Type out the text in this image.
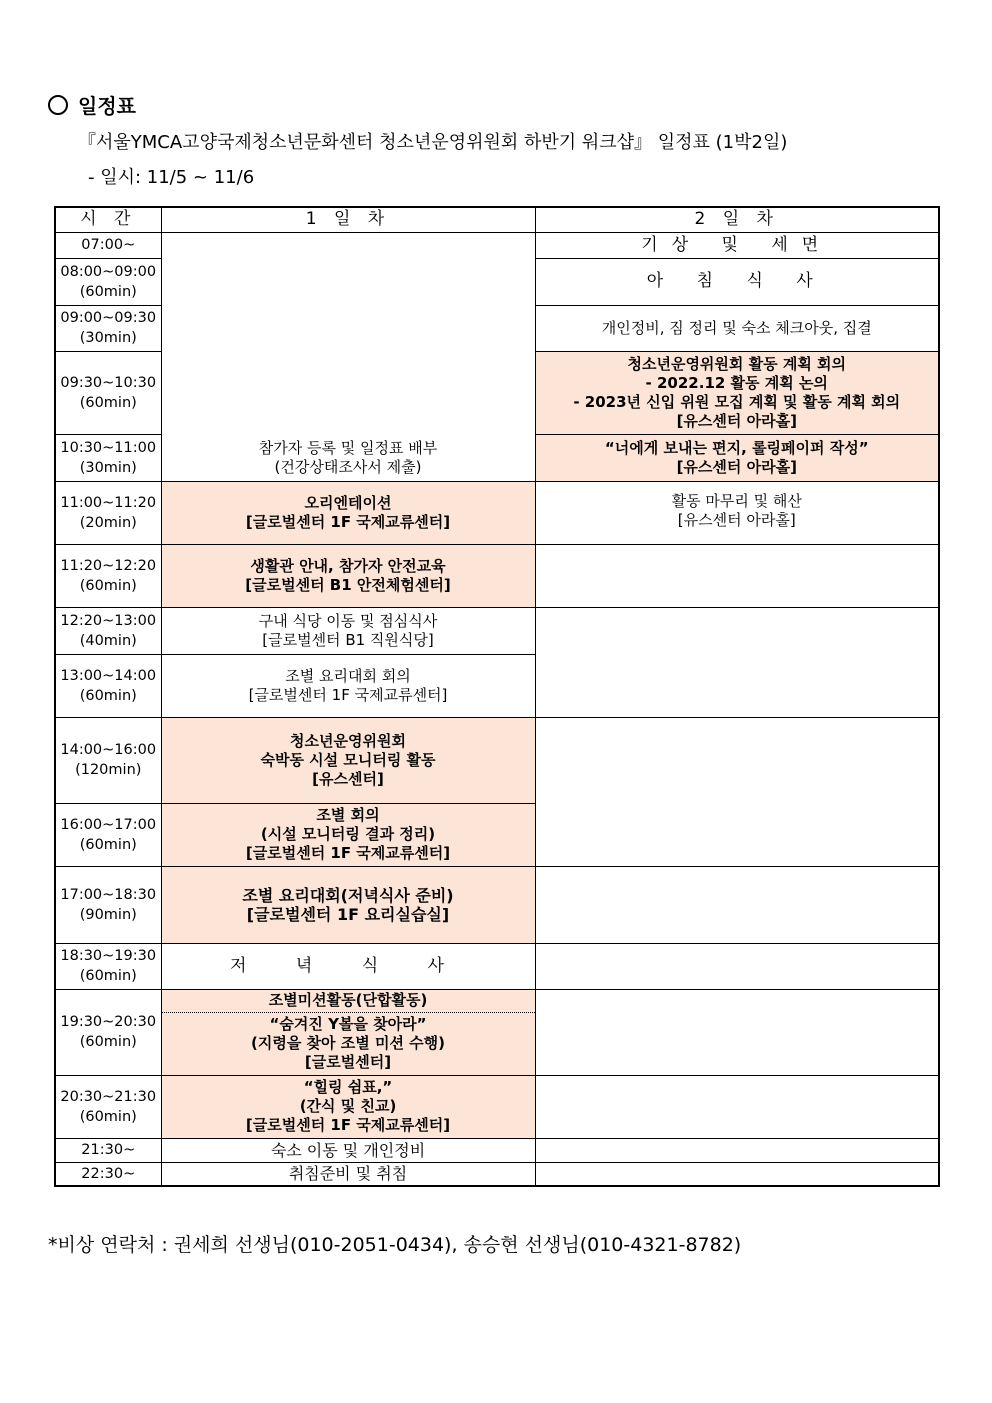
일정표
『서울YMCA고양국제청소년문화센터 청소년운영위원회 하반기 워크샵』 일정표 (1박2일)
- 일시: 11/5 ~ 11/6
시 간	1 일 차	2 일 차

07:00~	참가자 등록 및 일정표 배부
(건강상태조사서 제출)	기상 및 세면

08:00~09:00
(60min)		아 침 식 사

09:00~09:30
(30min)		개인정비, 짐 정리 및 숙소 체크아웃, 집결

09:30~10:30
(60min)		청소년운영위원회 활동 계획 회의
- 2022.12 활동 계획 논의
- 2023년 신입 위원 모집 계획 및 활동 계획 회의
[유스센터 아라홀]

10:30~11:00
(30min)		“너에게 보내는 편지, 롤링페이퍼 작성”
[유스센터 아라홀]

11:00~11:20
(20min)	오리엔테이션
[글로벌센터 1F 국제교류센터]	활동 마무리 및 해산
[유스센터 아라홀]

11:20~12:20
(60min)	생활관 안내, 참가자 안전교육
[글로벌센터 B1 안전체험센터]	

12:20~13:00
(40min)	구내 식당 이동 및 점심식사
[글로벌센터 B1 직원식당]	

13:00~14:00
(60min)	조별 요리대회 회의
[글로벌센터 1F 국제교류센터]	

14:00~16:00
(120min)	청소년운영위원회
숙박동 시설 모니터링 활동
[유스센터]	

16:00~17:00
(60min)	조별 회의
(시설 모니터링 결과 정리)
[글로벌센터 1F 국제교류센터]	

17:00~18:30
(90min)	조별 요리대회(저녁식사 준비)
[글로벌센터 1F 요리실습실]	

18:30~19:30
(60min)	저 녁 식 사	

19:30~20:30
(60min)	조별미션활동(단합활동)	

	“숨겨진 Y볼을 찾아라”
(지령을 찾아 조별 미션 수행)
[글로벌센터]	

20:30~21:30
(60min)	“힐링 쉼표,”
(간식 및 친교)
[글로벌센터 1F 국제교류센터]	

21:30~	숙소 이동 및 개인정비	

22:30~	취침준비 및 취침	
*비상 연락처 : 권세희 선생님(010-2051-0434), 송승현 선생님(010-4321-8782)
